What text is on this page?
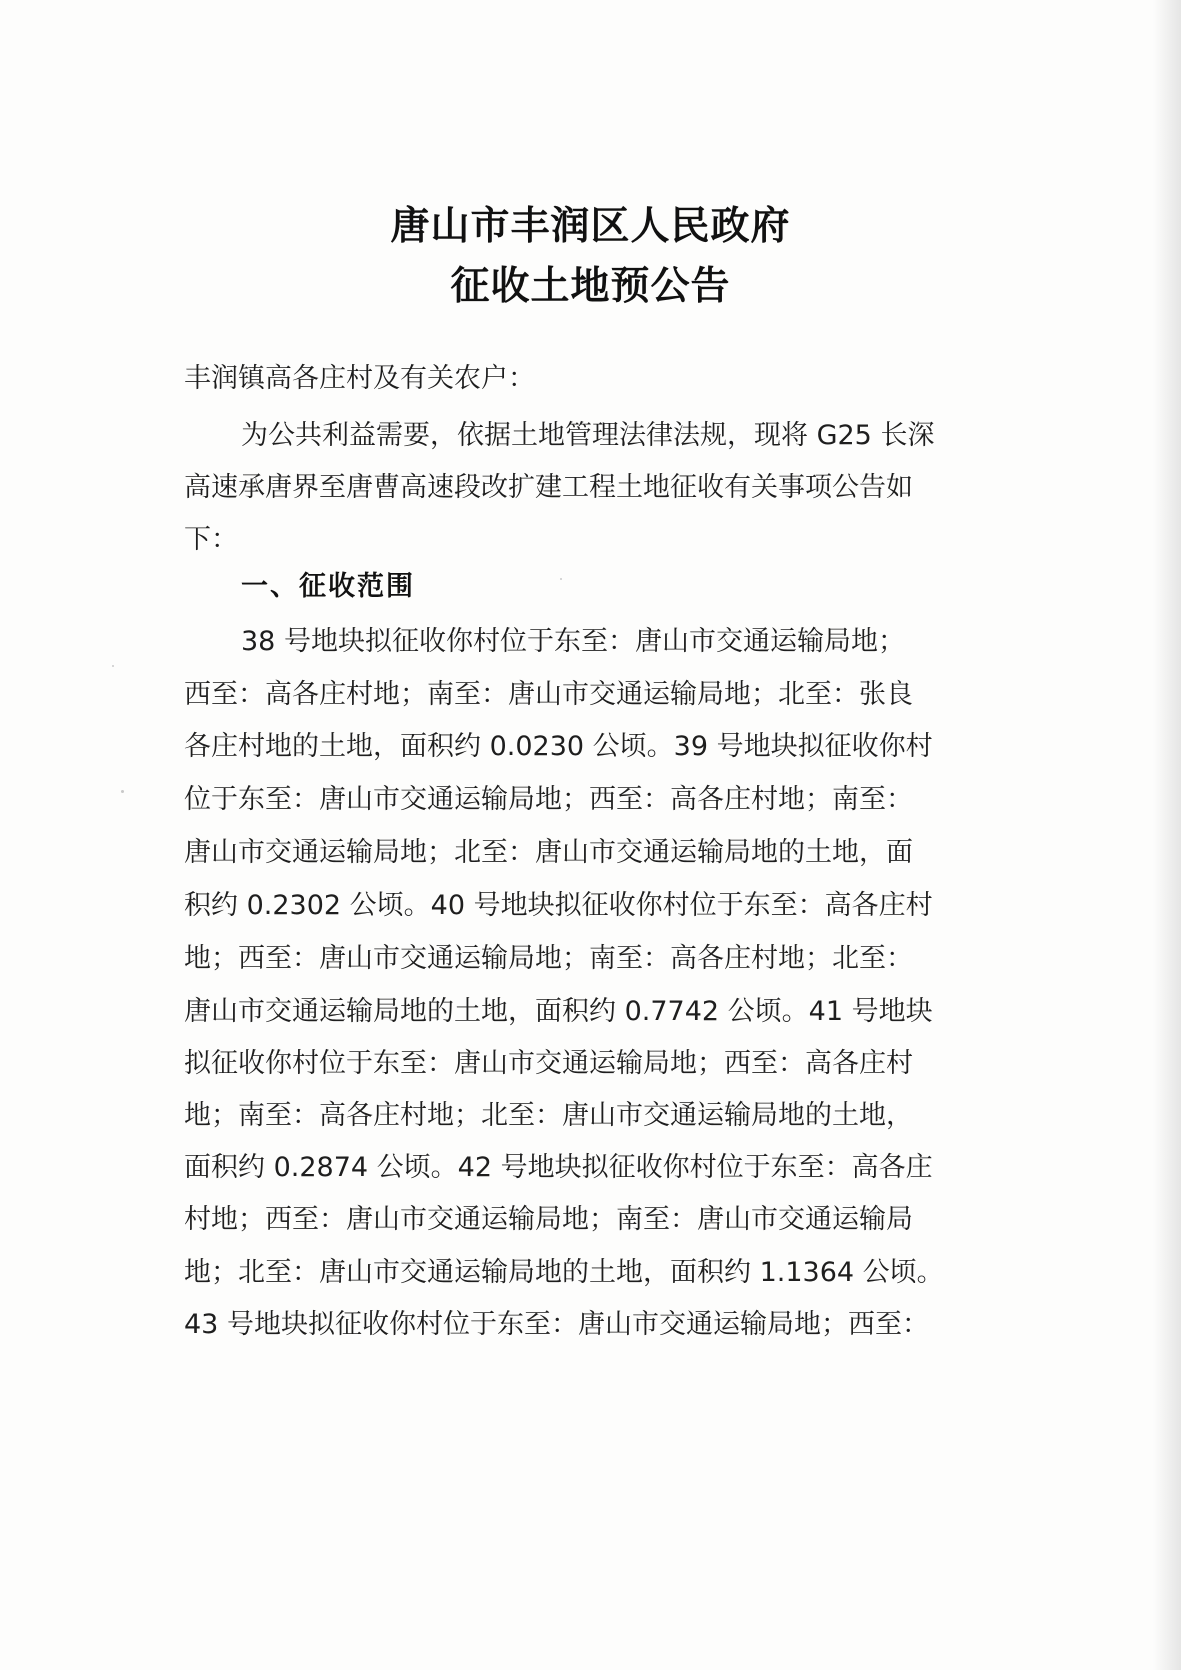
唐山市丰润区人民政府
征收土地预公告
丰润镇高各庄村及有关农户：
为公共利益需要，依据土地管理法律法规，现将 G25 长深
高速承唐界至唐曹高速段改扩建工程土地征收有关事项公告如
下：
一、征收范围
38 号地块拟征收你村位于东至：唐山市交通运输局地；
西至：高各庄村地；南至：唐山市交通运输局地；北至：张良
各庄村地的土地，面积约 0.0230 公顷。39 号地块拟征收你村
位于东至：唐山市交通运输局地；西至：高各庄村地；南至：
唐山市交通运输局地；北至：唐山市交通运输局地的土地，面
积约 0.2302 公顷。40 号地块拟征收你村位于东至：高各庄村
地；西至：唐山市交通运输局地；南至：高各庄村地；北至：
唐山市交通运输局地的土地，面积约 0.7742 公顷。41 号地块
拟征收你村位于东至：唐山市交通运输局地；西至：高各庄村
地；南至：高各庄村地；北至：唐山市交通运输局地的土地，
面积约 0.2874 公顷。42 号地块拟征收你村位于东至：高各庄
村地；西至：唐山市交通运输局地；南至：唐山市交通运输局
地；北至：唐山市交通运输局地的土地，面积约 1.1364 公顷。
43 号地块拟征收你村位于东至：唐山市交通运输局地；西至：
